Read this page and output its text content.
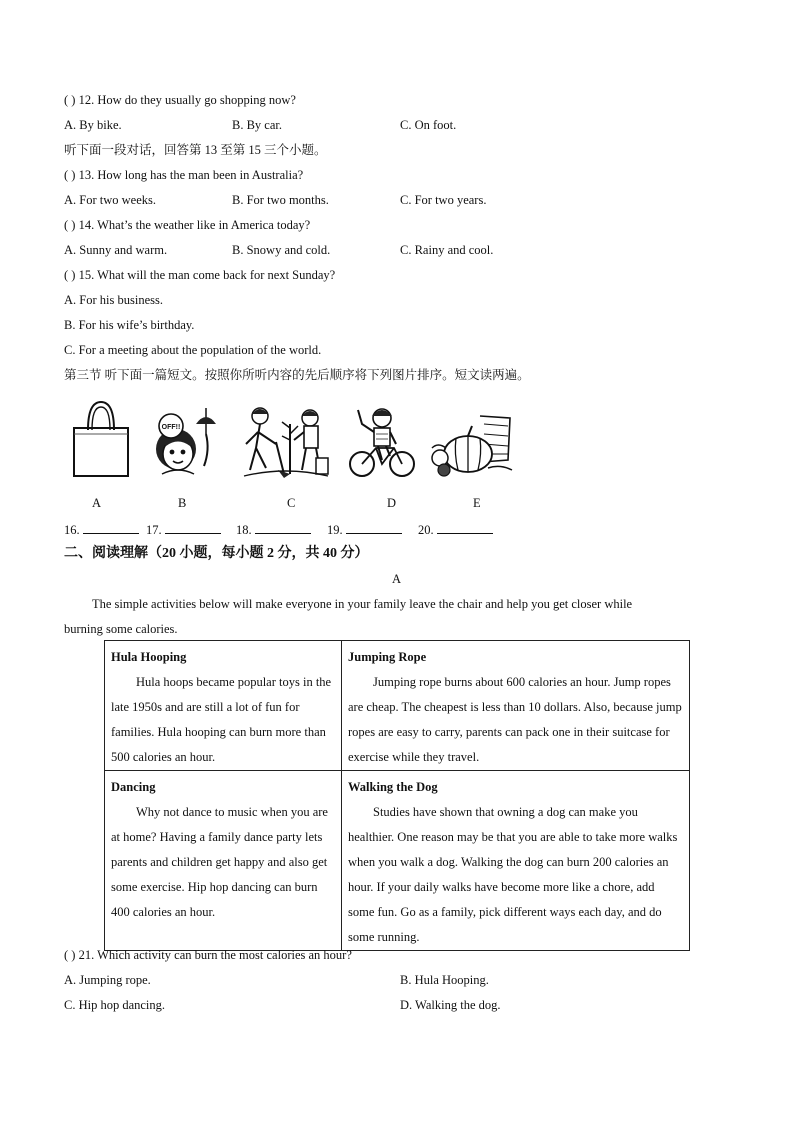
( ) 12. How do they usually go shopping now?
A. By bike.	B. By car.	C. On foot.
听下面一段对话，回答第 13 至第 15 三个小题。
( ) 13. How long has the man been in Australia?
A. For two weeks.	B. For two months.	C. For two years.
( ) 14. What’s the weather like in America today?
A. Sunny and warm.	B. Snowy and cold.	C. Rainy and cool.
( ) 15. What will the man come back for next Sunday?
A. For his business.
B. For his wife’s birthday.
C. For a meeting about the population of the world.
第三节 听下面一篇短文。按照你所听内容的先后顺序将下列图片排序。短文读两遍。
OFF!!
A	B	C	D	E
16.	17.	18.	19.	20.
二、阅读理解（20 小题，每小题 2 分，共 40 分）
A
The simple activities below will make everyone in your family leave the chair and help you get closer while
burning some calories.
Hula Hooping
Hula hoops became popular toys in the late 1950s and are still a lot of fun for families. Hula hooping can burn more than 500 calories an hour.	Jumping Rope
Jumping rope burns about 600 calories an hour. Jump ropes are cheap. The cheapest is less than 10 dollars. Also, because jump ropes are easy to carry, parents can pack one in their suitcase for exercise while they travel.

Dancing
Why not dance to music when you are at home? Having a family dance party lets parents and children get happy and also get some exercise. Hip hop dancing can burn 400 calories an hour.	Walking the Dog
Studies have shown that owning a dog can make you healthier. One reason may be that you are able to take more walks when you walk a dog. Walking the dog can burn 200 calories an hour. If your daily walks have become more like a chore, add some fun. Go as a family, pick different ways each day, and do some running.
( ) 21. Which activity can burn the most calories an hour?
A. Jumping rope.	B. Hula Hooping.
C. Hip hop dancing.	D. Walking the dog.
